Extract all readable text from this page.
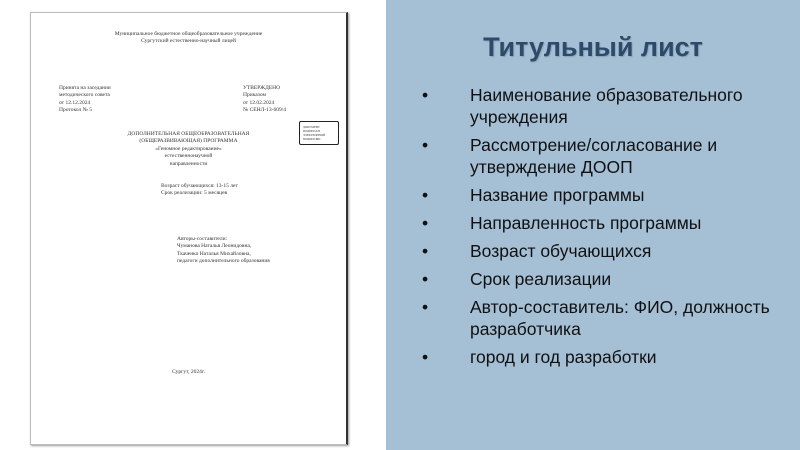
Муниципальное бюджетное общеобразовательное учреждение
Сургутский естественно-научный лицей
Принята на заседании
методического совета
от 12.12.2024
Протокол № 5
УТВЕРЖДЕНО
Приказом
от 12.02.2024
№ СЕНЛ-13-609/4
ДОКУМЕНТ ПОДПИСАН ЭЛЕКТРОННОЙ ПОДПИСЬЮ
ДОПОЛНИТЕЛЬНАЯ ОБЩЕОБРАЗОВАТЕЛЬНАЯ
(ОБЩЕРАЗВИВАЮЩАЯ) ПРОГРАММА
«Геномное редактирование»
естественнонаучной
направленности
Возраст обучающихся: 13-15 лет
Срок реализации: 5 месяцев
Авторы-составители:
Чуманова Наталья Леонидовна,
Ткаченко Наталья Михайловна,
педагоги дополнительного образования
Сургут, 2024г.
Титульный лист
• Наименование образовательного учреждения
• Рассмотрение/согласование и утверждение ДООП
• Название программы
• Направленность программы
• Возраст обучающихся
• Срок реализации
• Автор-составитель: ФИО, должность разработчика
• город и год разработки
